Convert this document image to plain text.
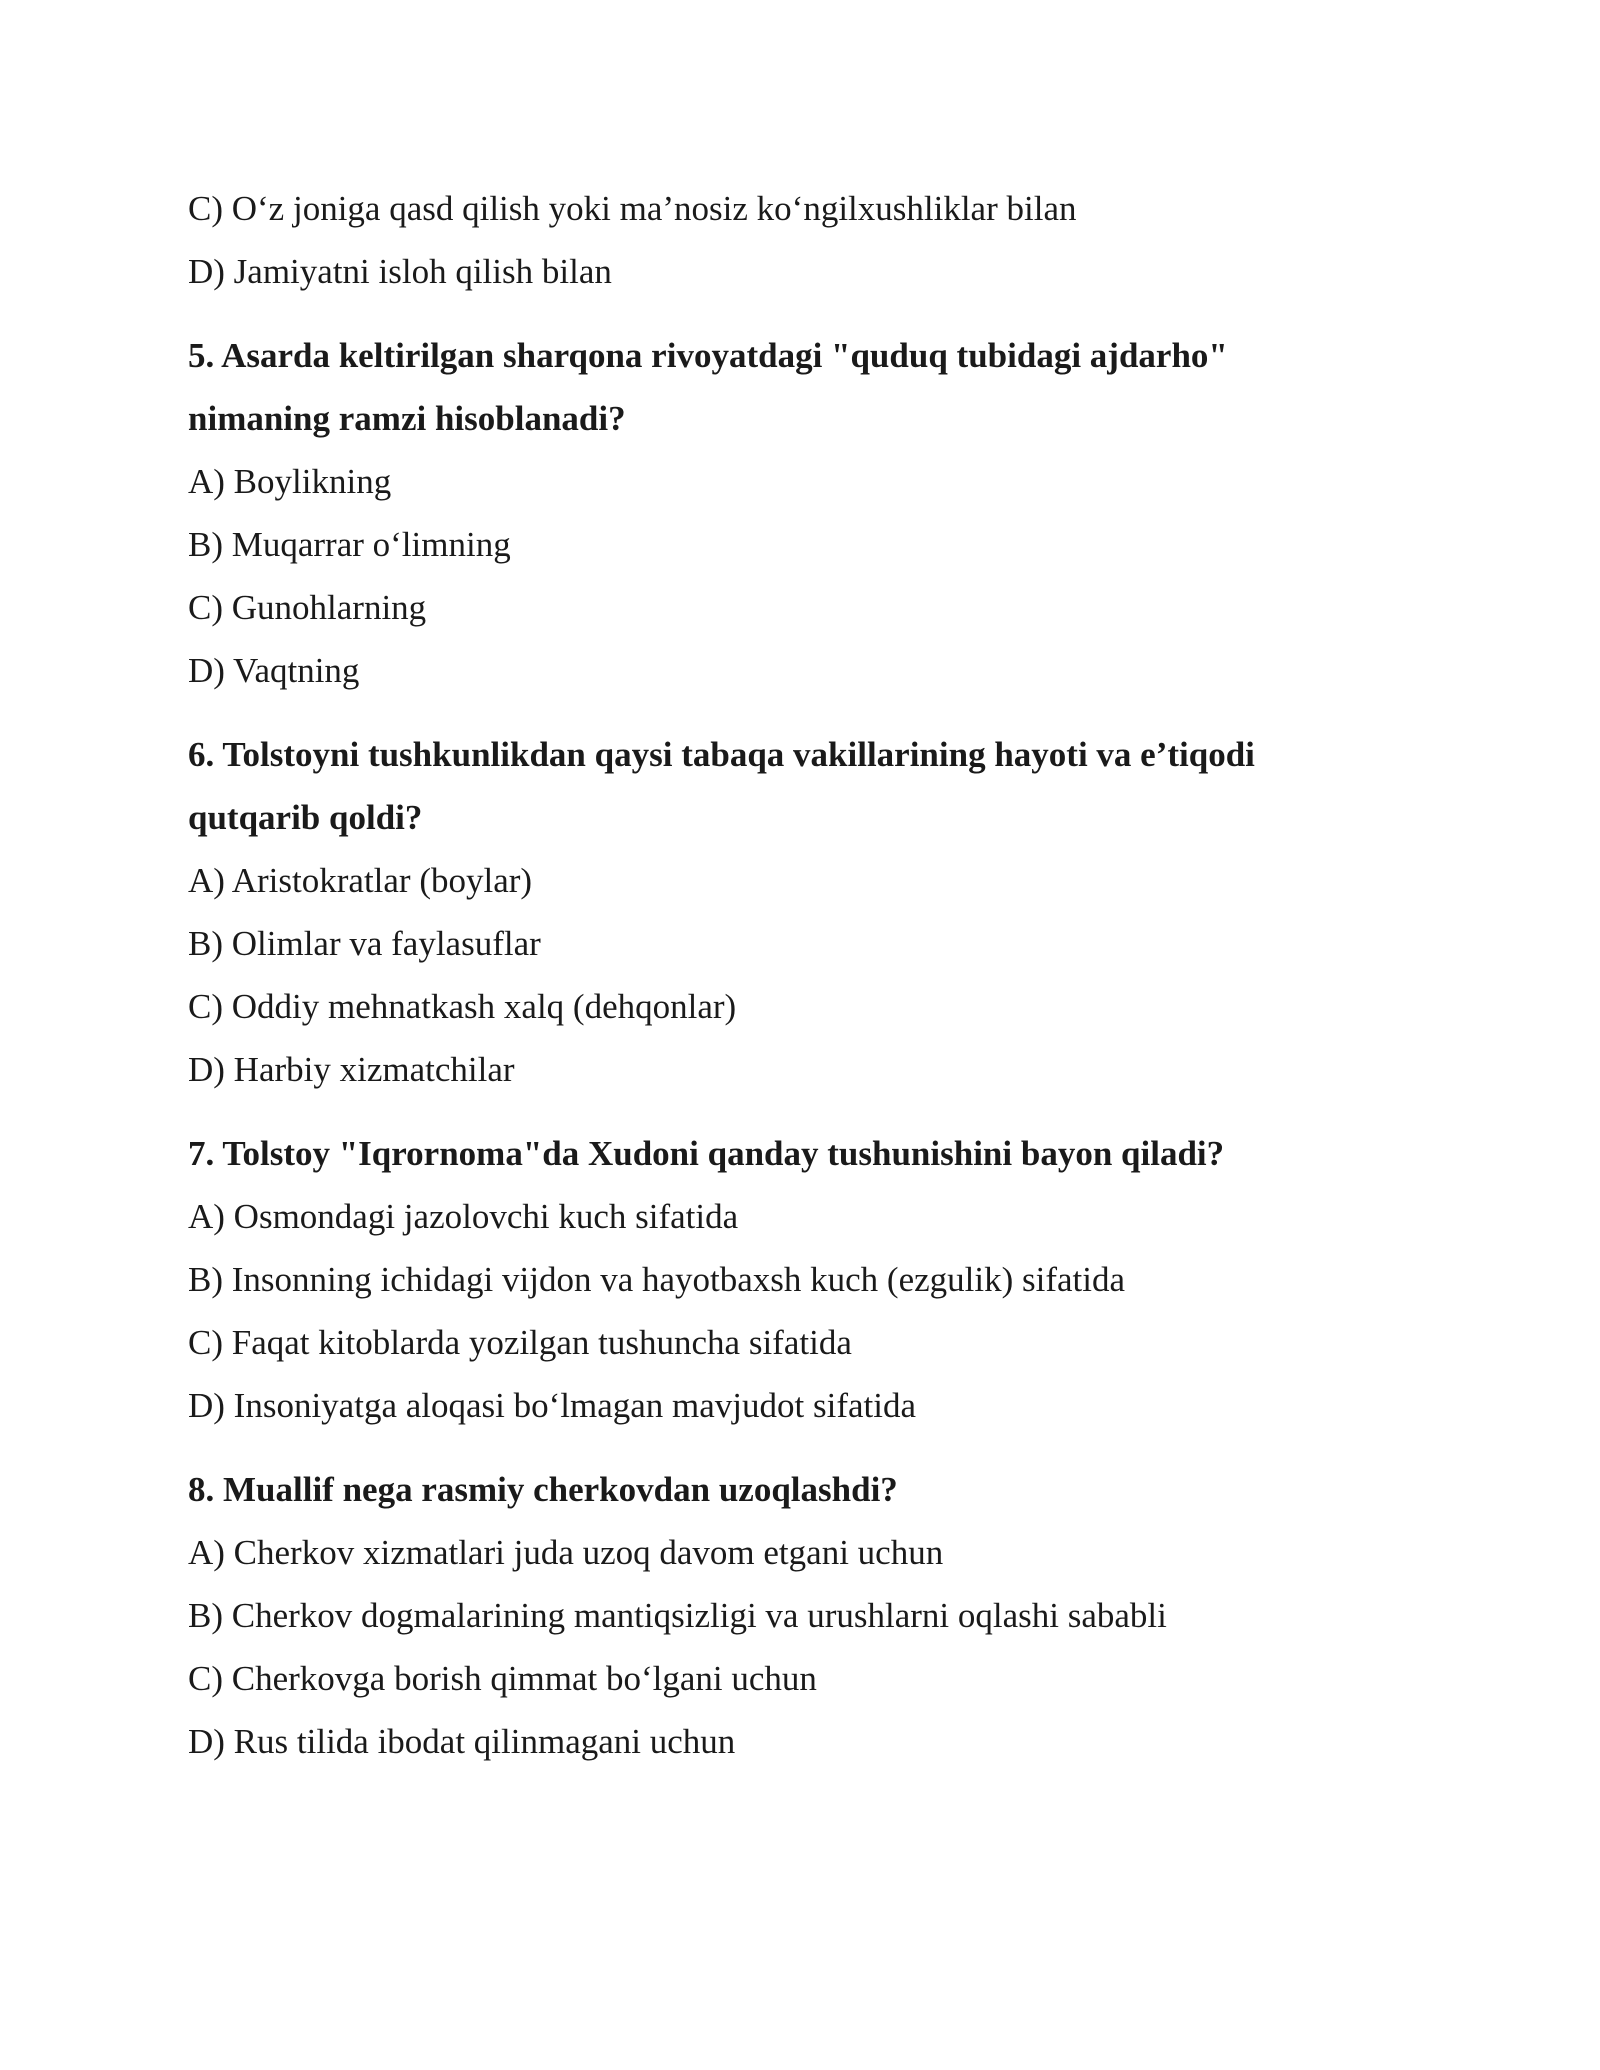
C) O‘z joniga qasd qilish yoki ma’nosiz ko‘ngilxushliklar bilan
D) Jamiyatni isloh qilish bilan
5. Asarda keltirilgan sharqona rivoyatdagi "quduq tubidagi ajdarho"
nimaning ramzi hisoblanadi?
A) Boylikning
B) Muqarrar o‘limning
C) Gunohlarning
D) Vaqtning
6. Tolstoyni tushkunlikdan qaysi tabaqa vakillarining hayoti va e’tiqodi
qutqarib qoldi?
A) Aristokratlar (boylar)
B) Olimlar va faylasuflar
C) Oddiy mehnatkash xalq (dehqonlar)
D) Harbiy xizmatchilar
7. Tolstoy "Iqrornoma"da Xudoni qanday tushunishini bayon qiladi?
A) Osmondagi jazolovchi kuch sifatida
B) Insonning ichidagi vijdon va hayotbaxsh kuch (ezgulik) sifatida
C) Faqat kitoblarda yozilgan tushuncha sifatida
D) Insoniyatga aloqasi bo‘lmagan mavjudot sifatida
8. Muallif nega rasmiy cherkovdan uzoqlashdi?
A) Cherkov xizmatlari juda uzoq davom etgani uchun
B) Cherkov dogmalarining mantiqsizligi va urushlarni oqlashi sababli
C) Cherkovga borish qimmat bo‘lgani uchun
D) Rus tilida ibodat qilinmagani uchun
